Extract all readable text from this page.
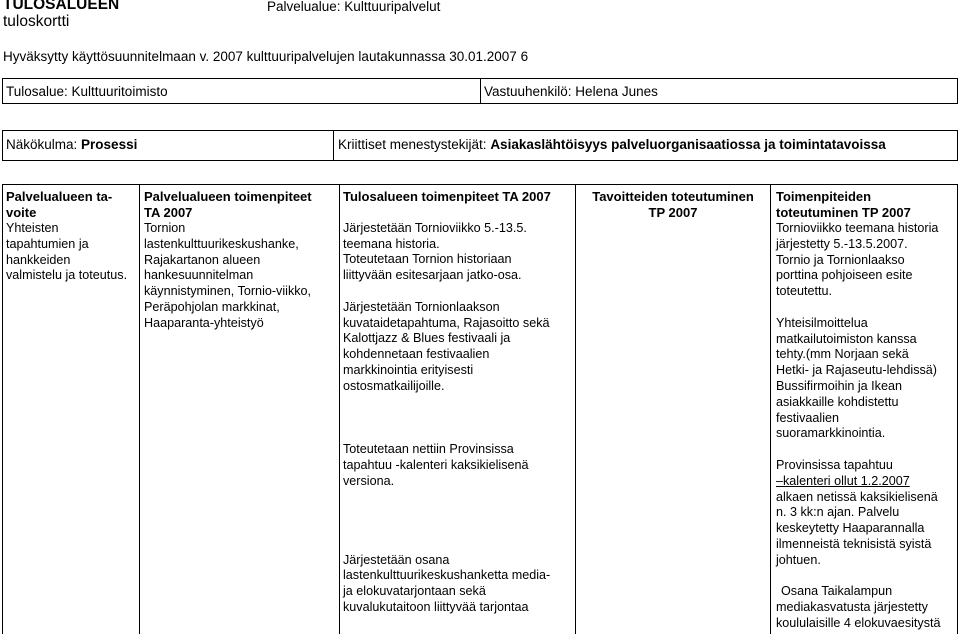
TULOSALUEEN
tuloskortti
Palvelualue: Kulttuuripalvelut
Hyväksytty käyttösuunnitelmaan v. 2007 kulttuuripalvelujen lautakunnassa 30.01.2007 6
Tulosalue: Kulttuuritoimisto	Vastuuhenkilö: Helena Junes
Näkökulma: Prosessi	Kriittiset menestystekijät: Asiakaslähtöisyys palveluorganisaatiossa ja toimintatavoissa

Palvelualueen ta-

voite

Yhteisten

tapahtumien ja

hankkeiden

valmistelu ja toteutus.

Palvelualueen toimenpiteet

TA 2007

Tornion

lastenkulttuurikeskushanke,

Rajakartanon alueen

hankesuunnitelman

käynnistyminen, Tornio-viikko,

Peräpohjolan markkinat,

Haaparanta-yhteistyö

Tulosalueen toimenpiteet TA 2007

Järjestetään Tornioviikko 5.-13.5.

teemana historia.

Toteutetaan Tornion historiaan

liittyvään esitesarjaan jatko-osa.

Järjestetään Tornionlaakson

kuvataidetapahtuma, Rajasoitto sekä

Kalottjazz & Blues festivaali ja

kohdennetaan festivaalien

markkinointia erityisesti

ostosmatkailijoille.

Toteutetaan nettiin Provinsissa

tapahtuu -kalenteri kaksikielisenä

versiona.

Järjestetään osana

lastenkulttuurikeskushanketta media-

ja elokuvatarjontaan sekä

kuvalukutaitoon liittyvää tarjontaa

Tavoitteiden toteutuminen

TP 2007

Toimenpiteiden

toteutuminen TP 2007

Tornioviikko teemana historia

järjestetty 5.-13.5.2007.

Tornio ja Tornionlaakso

porttina pohjoiseen esite

toteutettu.

Yhteisilmoittelua

matkailutoimiston kanssa

tehty.(mm Norjaan sekä

Hetki- ja Rajaseutu-lehdissä)

Bussifirmoihin ja Ikean

asiakkaille kohdistettu

festivaalien

suoramarkkinointia.

Provinsissa tapahtuu

–kalenteri ollut 1.2.2007

alkaen netissä kaksikielisenä

n. 3 kk:n ajan. Palvelu

keskeytetty Haaparannalla

ilmenneistä teknisistä syistä

johtuen.

Osana Taikalampun

mediakasvatusta järjestetty

koululaisille 4 elokuvaesitystä
